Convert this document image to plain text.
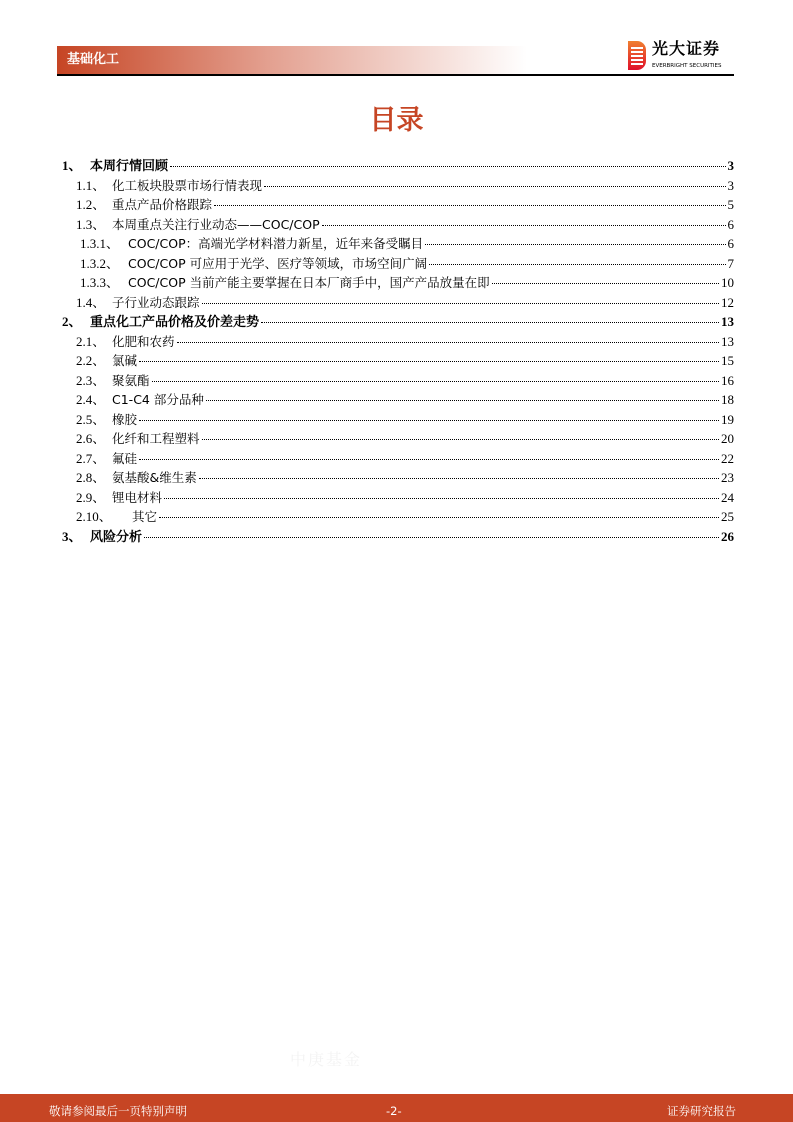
基础化工
光大证券
EVERBRIGHT SECURITIES
目录
1、 本周行情回顾	3
1.1、 化工板块股票市场行情表现	3
1.2、 重点产品价格跟踪	5
1.3、 本周重点关注行业动态——COC/COP	6
1.3.1、 COC/COP：高端光学材料潜力新星，近年来备受瞩目	6
1.3.2、 COC/COP 可应用于光学、医疗等领域，市场空间广阔	7
1.3.3、 COC/COP 当前产能主要掌握在日本厂商手中，国产产品放量在即	10
1.4、 子行业动态跟踪	12
2、 重点化工产品价格及价差走势	13
2.1、 化肥和农药	13
2.2、 氯碱	15
2.3、 聚氨酯	16
2.4、 C1-C4 部分品种	18
2.5、 橡胶	19
2.6、 化纤和工程塑料	20
2.7、 氟硅	22
2.8、 氨基酸&维生素	23
2.9、 锂电材料	24
2.10、	其它	25
3、 风险分析	26
中庚基金
敬请参阅最后一页特别声明	-2-	证券研究报告
